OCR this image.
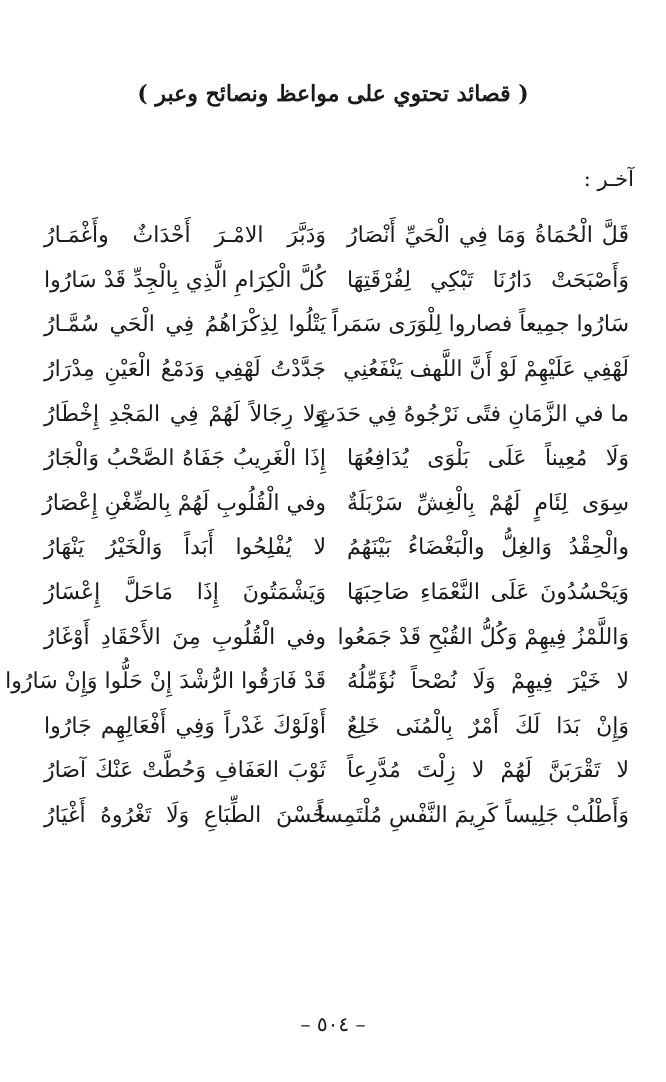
( قصائد تحتوي على مواعظ ونصائح وعبر )
آخـر :
قَلَّ الْحُمَاةُ وَمَا فِي الْحَيِّ أَنْصَارُ
وَدَبَّرَ الامْـرَ أَحْدَاثٌ وأَغْمَـارُ
وَأَصْبَحَتْ دَارُنَا تَبْكِي لِفُرْقَتِهَا
كُلَّ الْكِرَامِ الَّذِي بِالْجِدِّ قَدْ سَارُوا
سَارُوا جمِيعاً فصاروا لِلْوَرَى سَمَراً
يَتْلُوا لِذِكْرَاهُمُ فِي الْحَي سُمَّـارُ
لَهْفِي عَلَيْهِمْ لَوْ أَنَّ اللَّهف يَنْفَعُنِي
جَدَّدْتُ لَهْفِي وَدَمْعُ الْعَيْنِ مِدْرَارُ
ما في الزَّمَانِ فتًى نَرْجُوهُ فِي حَدَثٍ
وَلا رِجَالاً لَهُمْ فِي المَجْدِ إِخْطَارُ
وَلَا مُعِيناً عَلَى بَلْوَى يُدَافِعُهَا
إِذَا الْغَرِيبُ جَفَاهُ الصَّحْبُ وَالْجَارُ
سِوَى لِئَامٍ لَهُمْ بِالْغِشِّ سَرْبَلَةٌ
وفي الْقُلُوبِ لَهُمْ بِالضِّغْنِ إِعْصَارُ
والْحِقْدُ وَالغِلُّ والْبَغْضَاءُ بَيْنَهُمُ
لا يُفْلِحُوا أَبَداً وَالْخَيْرُ يَنْهَارُ
وَيَحْسُدُونَ عَلَى النَّعْمَاءِ صَاحِبَهَا
وَيَشْمَتُونَ إِذَا مَاحَلَّ إِعْسَارُ
وَاللَّمْزُ فِيهِمْ وَكُلُّ القُبْحِ قَدْ جَمَعُوا
وفي الْقُلُوبِ مِنَ الأَحْقَادِ أَوْغَارُ
لا خَيْرَ فِيهِمْ وَلَا نُصْحاً نُؤَمِّلُهُ
قَدْ فَارَقُوا الرُّشْدَ إِنْ حَلُّوا وَإِنْ سَارُوا
وَإِنْ بَدَا لَكَ أَمْرٌ بِالْمُنَى خَلِعٌ
أَوْلَوْكَ غَدْراً وَفِي أَفْعَالِهِم جَارُوا
لا تَقْرَبَنَّ لَهُمْ لا زِلْتَ مُدَّرِعاً
ثَوْبَ العَفَافِ وَحُطَّتْ عَنْكَ آصَارُ
وَأَطْلُبْ جَلِيساً كَرِيمَ النَّفْسِ مُلْتَمِساً
حُسْنَ الطِّبَاعِ وَلَا تَغْرُوهُ أَغْيَارُ
– ٥٠٤ –
